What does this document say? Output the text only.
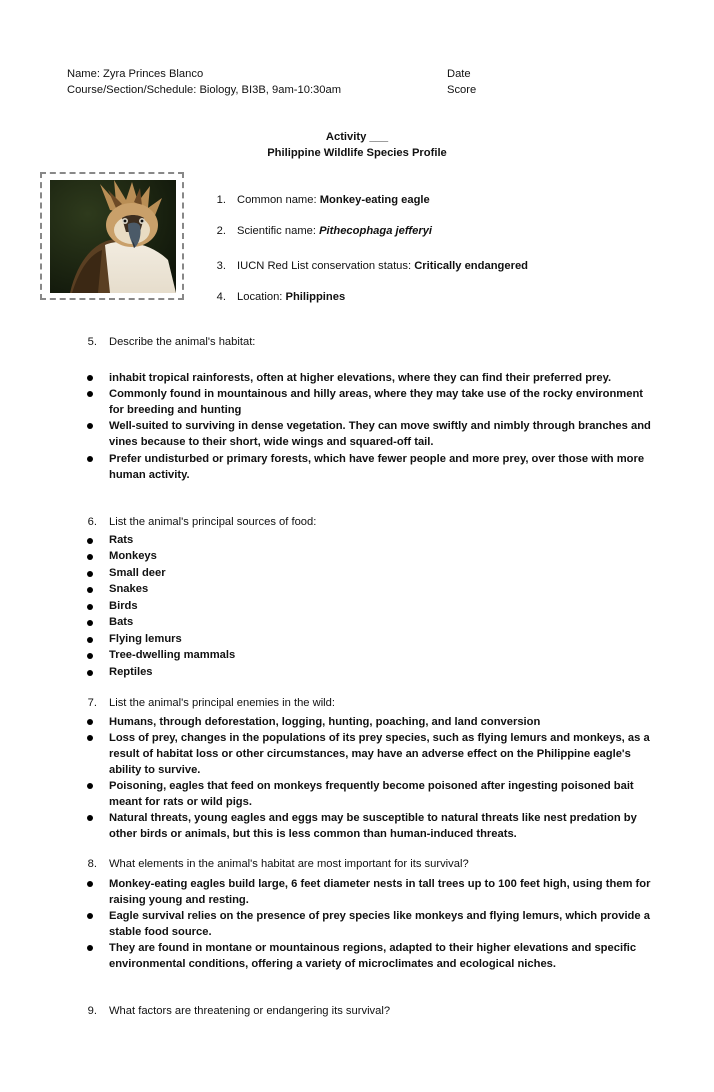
Name: Zyra Princes Blanco
Course/Section/Schedule: Biology, BI3B, 9am-10:30am
Date
Score
Activity ___
Philippine Wildlife Species Profile
1. Common name: Monkey-eating eagle
2. Scientific name: Pithecophaga jefferyi
3. IUCN Red List conservation status: Critically endangered
4. Location: Philippines
5. Describe the animal's habitat:
inhabit tropical rainforests, often at higher elevations, where they can find their preferred prey.
Commonly found in mountainous and hilly areas, where they may take use of the rocky environment for breeding and hunting
Well-suited to surviving in dense vegetation. They can move swiftly and nimbly through branches and vines because to their short, wide wings and squared-off tail.
Prefer undisturbed or primary forests, which have fewer people and more prey, over those with more human activity.
6. List the animal's principal sources of food:
Rats
Monkeys
Small deer
Snakes
Birds
Bats
Flying lemurs
Tree-dwelling mammals
Reptiles
7. List the animal's principal enemies in the wild:
Humans, through deforestation, logging, hunting, poaching, and land conversion
Loss of prey, changes in the populations of its prey species, such as flying lemurs and monkeys, as a result of habitat loss or other circumstances, may have an adverse effect on the Philippine eagle's ability to survive.
Poisoning, eagles that feed on monkeys frequently become poisoned after ingesting poisoned bait meant for rats or wild pigs.
Natural threats, young eagles and eggs may be susceptible to natural threats like nest predation by other birds or animals, but this is less common than human-induced threats.
8. What elements in the animal's habitat are most important for its survival?
Monkey-eating eagles build large, 6 feet diameter nests in tall trees up to 100 feet high, using them for raising young and resting.
Eagle survival relies on the presence of prey species like monkeys and flying lemurs, which provide a stable food source.
They are found in montane or mountainous regions, adapted to their higher elevations and specific environmental conditions, offering a variety of microclimates and ecological niches.
9. What factors are threatening or endangering its survival?
